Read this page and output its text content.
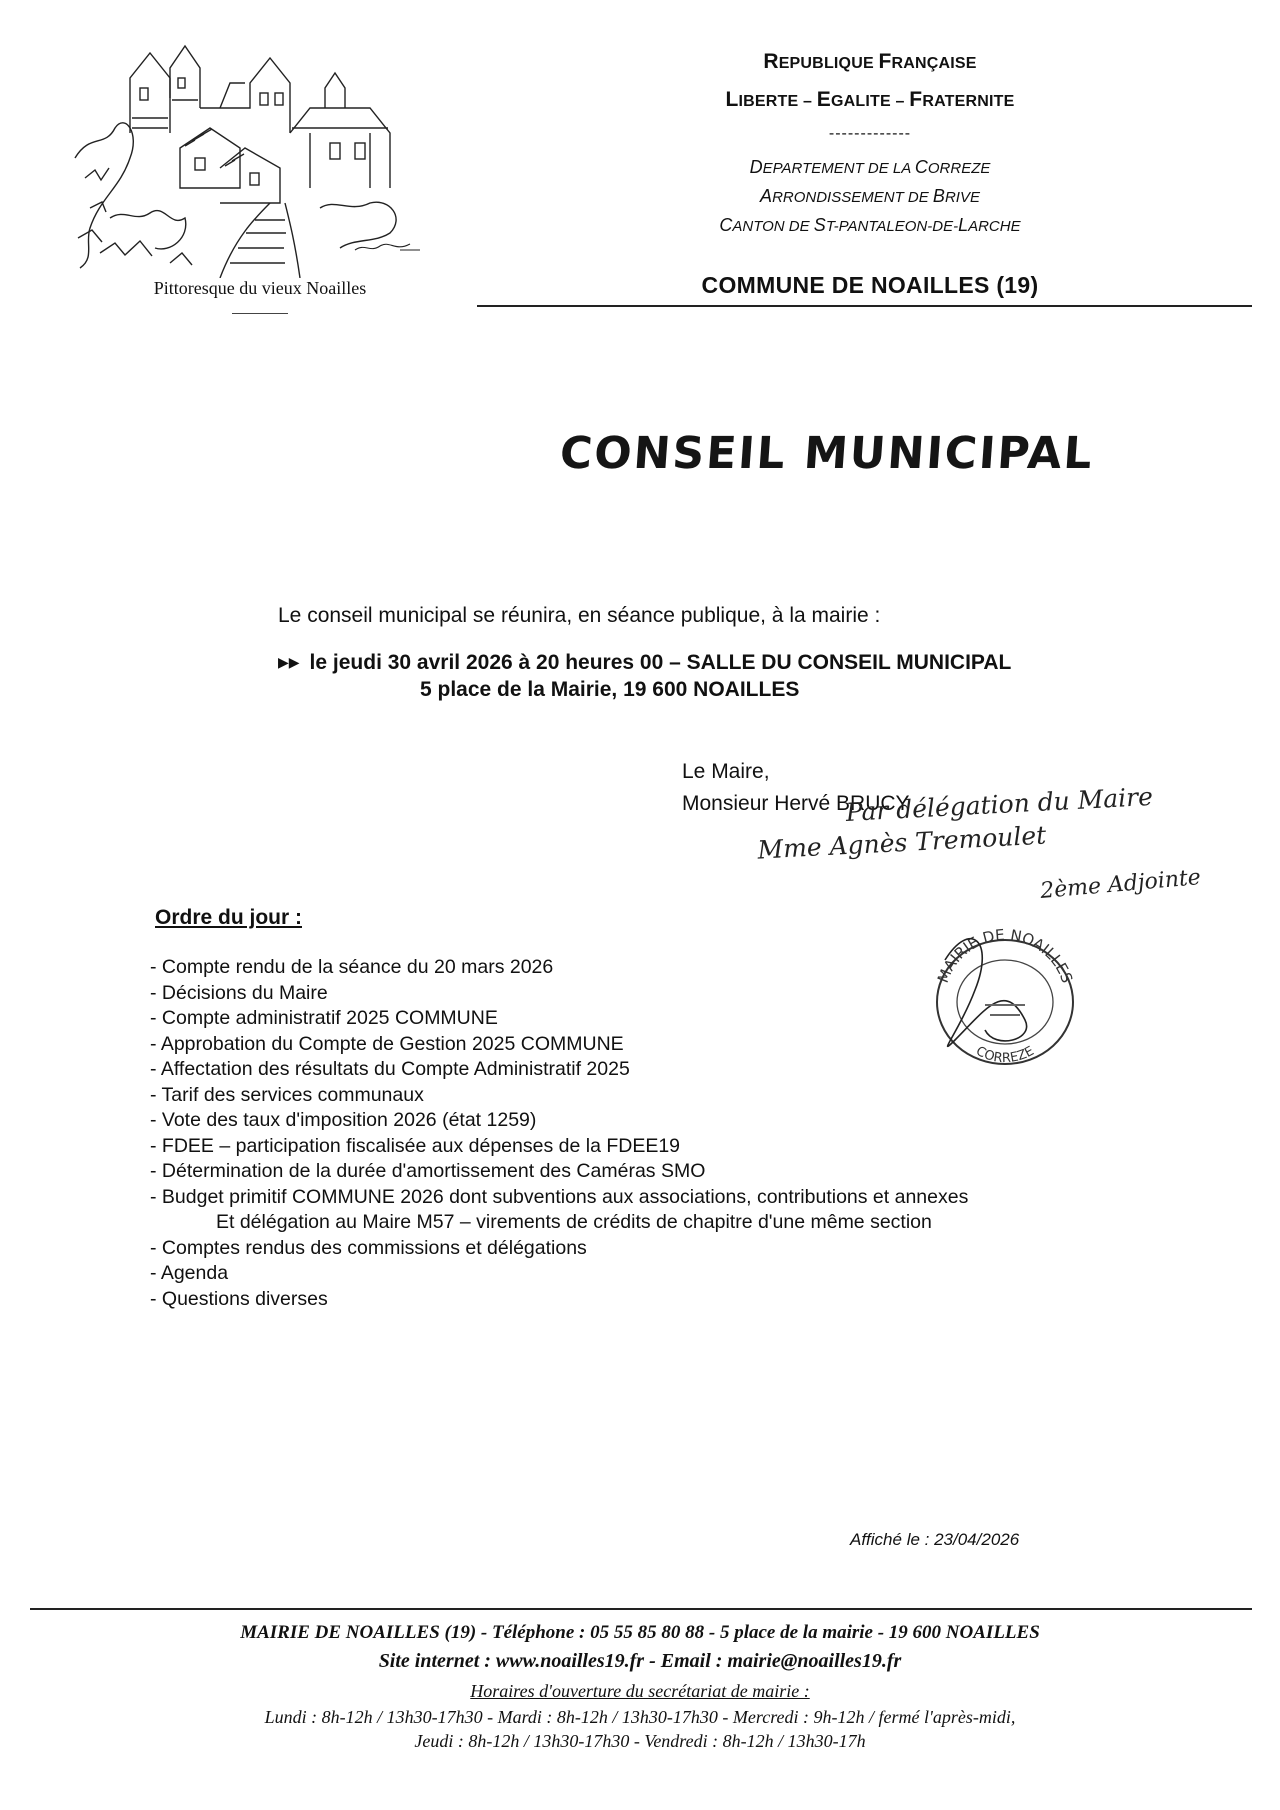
Pittoresque du vieux Noailles
REPUBLIQUE FRANÇAISE
LIBERTE – EGALITE – FRATERNITE
-------------
DEPARTEMENT DE LA CORREZE
ARRONDISSEMENT DE BRIVE
CANTON DE ST-PANTALEON-DE-LARCHE
COMMUNE DE NOAILLES (19)
CONSEIL MUNICIPAL
Le conseil municipal se réunira, en séance publique, à la mairie :
▶▶ le jeudi 30 avril 2026 à 20 heures 00 – SALLE DU CONSEIL MUNICIPAL
5 place de la Mairie, 19 600 NOAILLES
Le Maire,
Monsieur Hervé BRUCY
Par délégation du Maire
Mme Agnès Tremoulet
2ème Adjointe
MAIRIE DE NOAILLES
CORREZE
Ordre du jour :
- Compte rendu de la séance du 20 mars 2026
- Décisions du Maire
- Compte administratif 2025 COMMUNE
- Approbation du Compte de Gestion 2025 COMMUNE
- Affectation des résultats du Compte Administratif 2025
- Tarif des services communaux
- Vote des taux d'imposition 2026 (état 1259)
- FDEE – participation fiscalisée aux dépenses de la FDEE19
- Détermination de la durée d'amortissement des Caméras SMO
- Budget primitif COMMUNE 2026 dont subventions aux associations, contributions et annexes
Et délégation au Maire M57 – virements de crédits de chapitre d'une même section
- Comptes rendus des commissions et délégations
- Agenda
- Questions diverses
Affiché le : 23/04/2026
MAIRIE DE NOAILLES (19) - Téléphone : 05 55 85 80 88 - 5 place de la mairie - 19 600 NOAILLES
Site internet : www.noailles19.fr - Email : mairie@noailles19.fr
Horaires d'ouverture du secrétariat de mairie :
Lundi : 8h-12h / 13h30-17h30 - Mardi : 8h-12h / 13h30-17h30 - Mercredi : 9h-12h / fermé l'après-midi,
Jeudi : 8h-12h / 13h30-17h30 - Vendredi : 8h-12h / 13h30-17h
